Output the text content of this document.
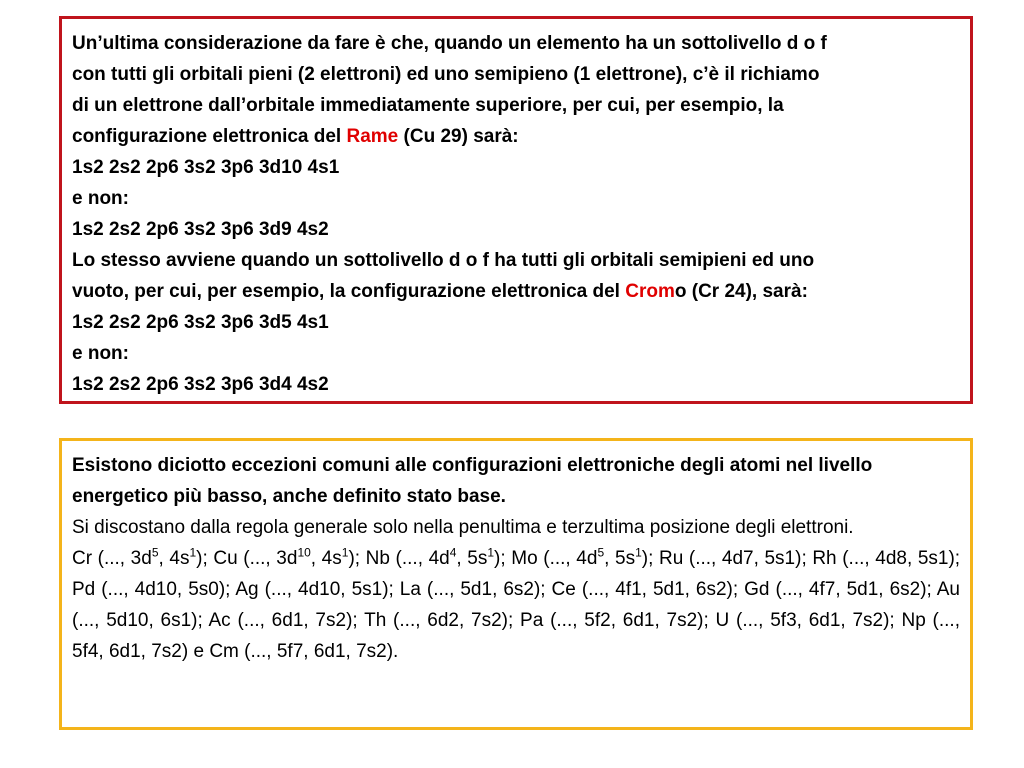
Un’ultima considerazione da fare è che, quando un elemento ha un sottolivello d o f
con tutti gli orbitali pieni (2 elettroni) ed uno semipieno (1 elettrone), c’è il richiamo
di un elettrone dall’orbitale immediatamente superiore, per cui, per esempio, la
configurazione elettronica del Rame (Cu 29) sarà:
1s2 2s2 2p6 3s2 3p6 3d10 4s1
e non:
1s2 2s2 2p6 3s2 3p6 3d9 4s2
Lo stesso avviene quando un sottolivello d o f ha tutti gli orbitali semipieni ed uno
vuoto, per cui, per esempio, la configurazione elettronica del Cromo (Cr 24), sarà:
1s2 2s2 2p6 3s2 3p6 3d5 4s1
e non:
1s2 2s2 2p6 3s2 3p6 3d4 4s2
Esistono diciotto eccezioni comuni alle configurazioni elettroniche degli atomi nel livello energetico più basso, anche definito stato base.
Si discostano dalla regola generale solo nella penultima e terzultima posizione degli elettroni.
Cr (..., $3d^5$, $4s^1$); Cu (..., $3d^{10}$, $4s^1$); Nb (..., $4d^4$, $5s^1$); Mo (..., $4d^5$, $5s^1$); Ru (..., 4d7, 5s1); Rh (..., 4d8, 5s1); Pd (..., 4d10, 5s0); Ag (..., 4d10, 5s1); La (..., 5d1, 6s2); Ce (..., 4f1, 5d1, 6s2); Gd (..., 4f7, 5d1, 6s2); Au (..., 5d10, 6s1); Ac (..., 6d1, 7s2); Th (..., 6d2, 7s2); Pa (..., 5f2, 6d1, 7s2); U (..., 5f3, 6d1, 7s2); Np (..., 5f4, 6d1, 7s2) e Cm (..., 5f7, 6d1, 7s2).
